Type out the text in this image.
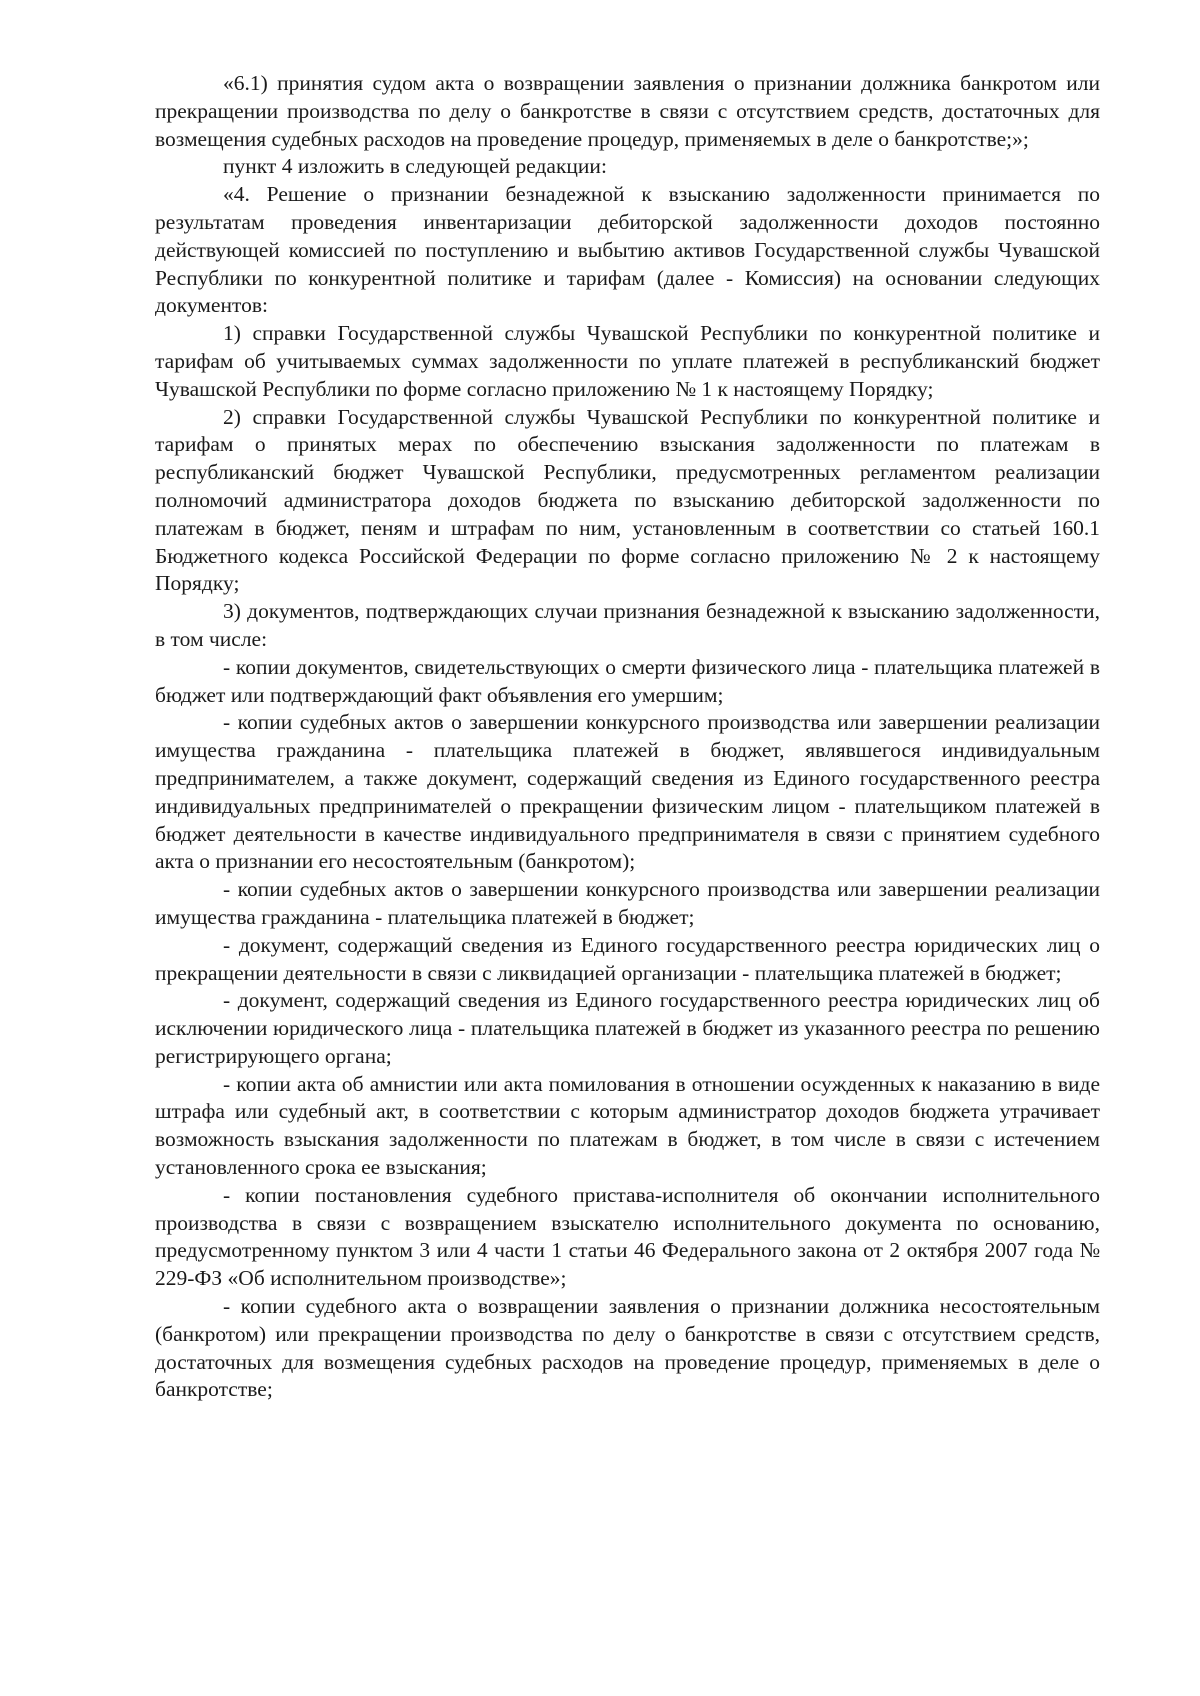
«6.1) принятия судом акта о возвращении заявления о признании должника банкротом или прекращении производства по делу о банкротстве в связи с отсутствием средств, достаточных для возмещения судебных расходов на проведение процедур, применяемых в деле о банкротстве;»;

пункт 4 изложить в следующей редакции:

«4. Решение о признании безнадежной к взысканию задолженности принимается по результатам проведения инвентаризации дебиторской задолженности доходов постоянно действующей комиссией по поступлению и выбытию активов Государственной службы Чувашской Республики по конкурентной политике и тарифам (далее - Комиссия) на основании следующих документов:

1) справки Государственной службы Чувашской Республики по конкурентной политике и тарифам об учитываемых суммах задолженности по уплате платежей в республиканский бюджет Чувашской Республики по форме согласно приложению № 1 к настоящему Порядку;

2) справки Государственной службы Чувашской Республики по конкурентной политике и тарифам о принятых мерах по обеспечению взыскания задолженности по платежам в республиканский бюджет Чувашской Республики, предусмотренных регламентом реализации полномочий администратора доходов бюджета по взысканию дебиторской задолженности по платежам в бюджет, пеням и штрафам по ним, установленным в соответствии со статьей 160.1 Бюджетного кодекса Российской Федерации по форме согласно приложению № 2 к настоящему Порядку;

3) документов, подтверждающих случаи признания безнадежной к взысканию задолженности, в том числе:

- копии документов, свидетельствующих о смерти физического лица - плательщика платежей в бюджет или подтверждающий факт объявления его умершим;

- копии судебных актов о завершении конкурсного производства или завершении реализации имущества гражданина - плательщика платежей в бюджет, являвшегося индивидуальным предпринимателем, а также документ, содержащий сведения из Единого государственного реестра индивидуальных предпринимателей о прекращении физическим лицом - плательщиком платежей в бюджет деятельности в качестве индивидуального предпринимателя в связи с принятием судебного акта о признании его несостоятельным (банкротом);

- копии судебных актов о завершении конкурсного производства или завершении реализации имущества гражданина - плательщика платежей в бюджет;

- документ, содержащий сведения из Единого государственного реестра юридических лиц о прекращении деятельности в связи с ликвидацией организации - плательщика платежей в бюджет;

- документ, содержащий сведения из Единого государственного реестра юридических лиц об исключении юридического лица - плательщика платежей в бюджет из указанного реестра по решению регистрирующего органа;

- копии акта об амнистии или акта помилования в отношении осужденных к наказанию в виде штрафа или судебный акт, в соответствии с которым администратор доходов бюджета утрачивает возможность взыскания задолженности по платежам в бюджет, в том числе в связи с истечением установленного срока ее взыскания;

- копии постановления судебного пристава-исполнителя об окончании исполнительного производства в связи с возвращением взыскателю исполнительного документа по основанию, предусмотренному пунктом 3 или 4 части 1 статьи 46 Федерального закона от 2 октября 2007 года № 229-ФЗ «Об исполнительном производстве»;

- копии судебного акта о возвращении заявления о признании должника несостоятельным (банкротом) или прекращении производства по делу о банкротстве в связи с отсутствием средств, достаточных для возмещения судебных расходов на проведение процедур, применяемых в деле о банкротстве;
